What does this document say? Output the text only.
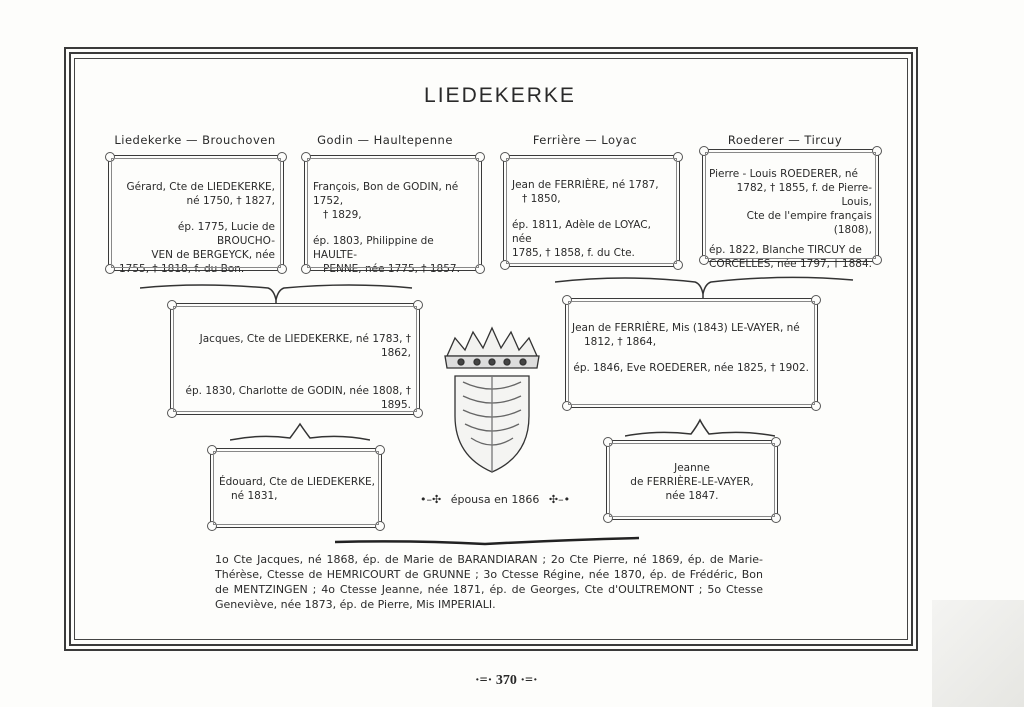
LIEDEKERKE
Liedekerke — Brouchoven	Godin — Haultepenne	Ferrière — Loyac	Roederer — Tircuy

Gérard, Cte de LIEDEKERKE,

né 1750, † 1827,

ép. 1775, Lucie de BROUCHO-

VEN de BERGEYCK, née

1755, † 1818, f. du Bon.

François, Bon de GODIN, né 1752,

† 1829,

ép. 1803, Philippine de HAULTE-

PENNE, née 1775, † 1857.

Jean de FERRIÈRE, né 1787,

† 1850,

ép. 1811, Adèle de LOYAC, née

1785, † 1858, f. du Cte.

Pierre - Louis ROEDERER, né

1782, † 1855, f. de Pierre-Louis,

Cte de l'empire français (1808),

ép. 1822, Blanche TIRCUY de

CORCELLES, née 1797, † 1884.

Jacques, Cte de LIEDEKERKE, né 1783, † 1862,

ép. 1830, Charlotte de GODIN, née 1808, † 1895.

Jean de FERRIÈRE, Mis (1843) LE-VAYER, né

1812, † 1864,

ép. 1846, Eve ROEDERER, née 1825, † 1902.

Édouard, Cte de LIEDEKERKE,

né 1831,	•–✣ épousa en 1866 ✣–•

Jeanne

de FERRIÈRE-LE-VAYER,

née 1847.

1o Cte Jacques, né 1868, ép. de Marie de BARANDIARAN ; 2o Cte Pierre, né 1869, ép. de Marie-Thérèse, Ctesse de HEMRICOURT de GRUNNE ; 3o Ctesse Régine, née 1870, ép. de Frédéric, Bon de MENTZINGEN ; 4o Ctesse Jeanne, née 1871, ép. de Georges, Cte d'OULTREMONT ; 5o Ctesse Geneviève, née 1873, ép. de Pierre, Mis IMPERIALI.
·=· 370 ·=·
